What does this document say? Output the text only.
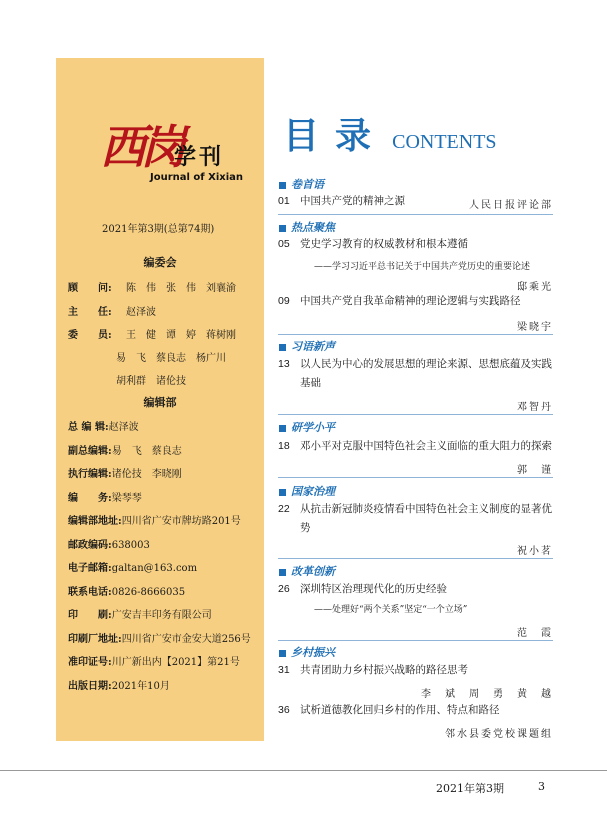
西岗
学刊
Journal of Xixian
2021年第3期(总第74期)
编委会
顾　　问: 陈　伟　张　伟　刘襄渝
主　　任: 赵泽波
委　　员: 王　健　谭　婷　蒋树刚
易　飞　蔡良志　杨广川
胡利群　诸伦技
编辑部
总 编 辑:赵泽波
副总编辑:易　飞　蔡良志
执行编辑:诸伦技　李晓刚
编　　务:梁琴琴
编辑部地址:四川省广安市牌坊路201号
邮政编码:638003
电子邮箱:galtan@163.com
联系电话:0826-8666035
印　　刷:广安吉丰印务有限公司
印刷厂地址:四川省广安市金安大道256号
准印证号:川广新出内【2021】第21号
出版日期:2021年10月
目录 CONTENTS
卷首语
01 中国共产党的精神之源	人民日报评论部
热点聚焦
05 党史学习教育的权威教材和根本遵循
——学习习近平总书记关于中国共产党历史的重要论述
邸乘光
09 中国共产党自我革命精神的理论逻辑与实践路径
梁晓宇
习语新声
13 以人民为中心的发展思想的理论来源、思想底蕴及实践基础
邓智丹
研学小平
18 邓小平对克服中国特色社会主义面临的重大阻力的探索
郭　谨
国家治理
22 从抗击新冠肺炎疫情看中国特色社会主义制度的显著优势
祝小茗
改革创新
26 深圳特区治理现代化的历史经验
——处理好“两个关系”坚定“一个立场”
范　霞
乡村振兴
31 共青团助力乡村振兴战略的路径思考
李　斌　周　勇　黄　越
36 试析道德教化回归乡村的作用、特点和路径
邻水县委党校课题组
2021年第3期	3
